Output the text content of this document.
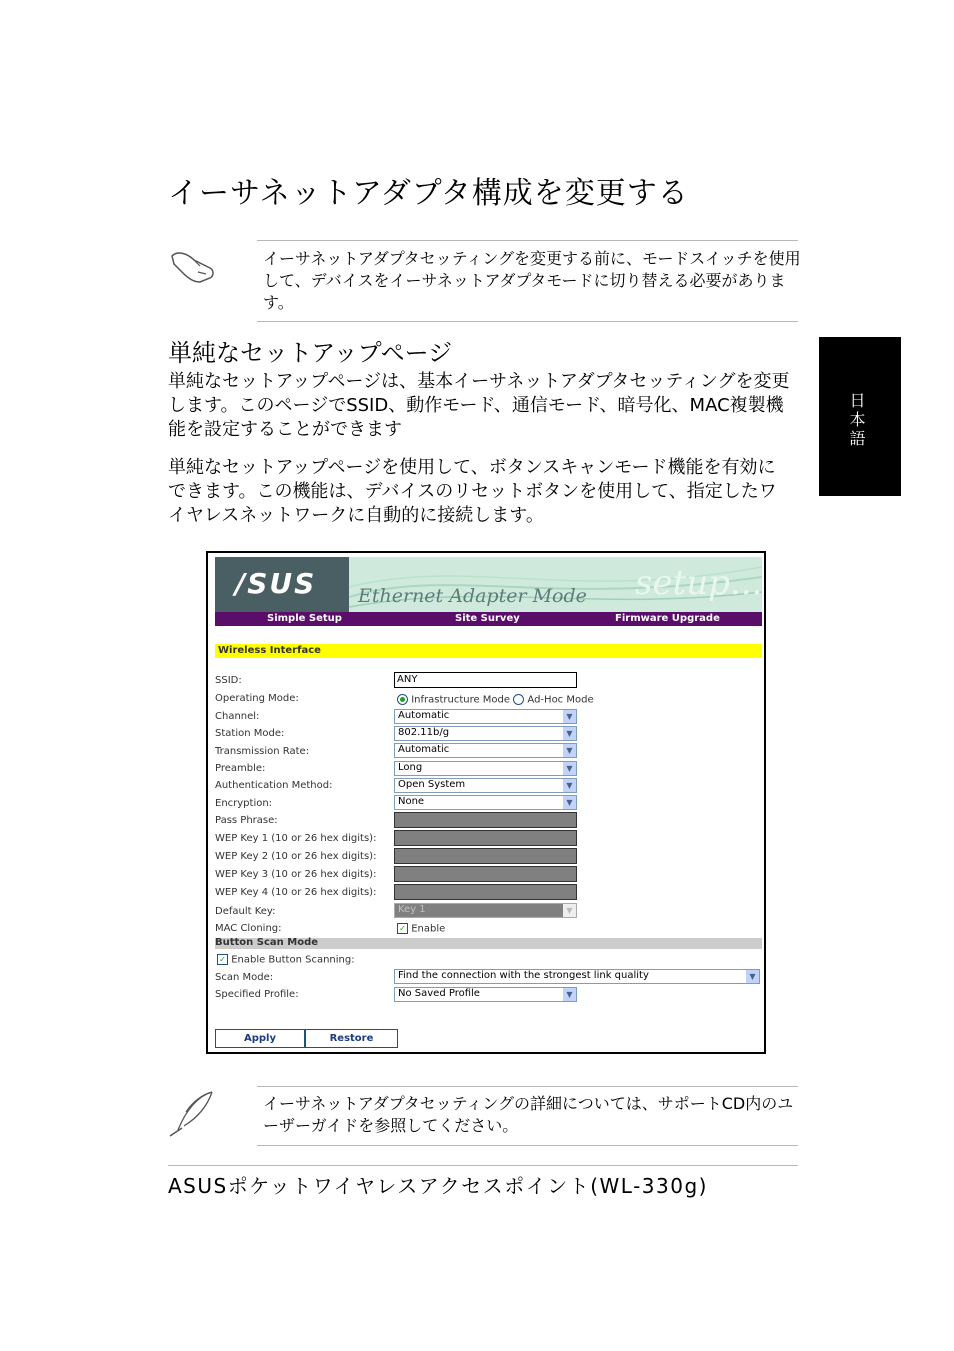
イーサネットアダプタ構成を変更する
イーサネットアダプタセッティングを変更する前に、モードスイッチを使用して、デバイスをイーサネットアダプタモードに切り替える必要があります。
単純なセットアップページ
単純なセットアップページは、基本イーサネットアダプタセッティングを変更します。このページでSSID、動作モード、通信モード、暗号化、MAC複製機能を設定することができます
単純なセットアップページを使用して、ボタンスキャンモード機能を有効にできます。この機能は、デバイスのリセットボタンを使用して、指定したワイヤレスネットワークに自動的に接続します。
日本語
/SUS Ethernet Adapter Mode setup...
Simple Setup	Site Survey	Firmware Upgrade
Wireless Interface
SSID:	ANY
Operating Mode:	Infrastructure Mode Ad-Hoc Mode
Channel:	Automatic	▼
Station Mode:	802.11b/g	▼
Transmission Rate:	Automatic	▼
Preamble:	Long	▼
Authentication Method:	Open System	▼
Encryption:	None	▼
Pass Phrase:
WEP Key 1 (10 or 26 hex digits):
WEP Key 2 (10 or 26 hex digits):
WEP Key 3 (10 or 26 hex digits):
WEP Key 4 (10 or 26 hex digits):
Default Key:	Key 1	▼
MAC Cloning:	✓ Enable
Button Scan Mode
✓ Enable Button Scanning:
Scan Mode:	Find the connection with the strongest link quality	▼
Specified Profile:	No Saved Profile	▼
Apply	Restore
イーサネットアダプタセッティングの詳細については、サポートCD内のユーザーガイドを参照してください。
ASUSポケットワイヤレスアクセスポイント(WL-330g)
